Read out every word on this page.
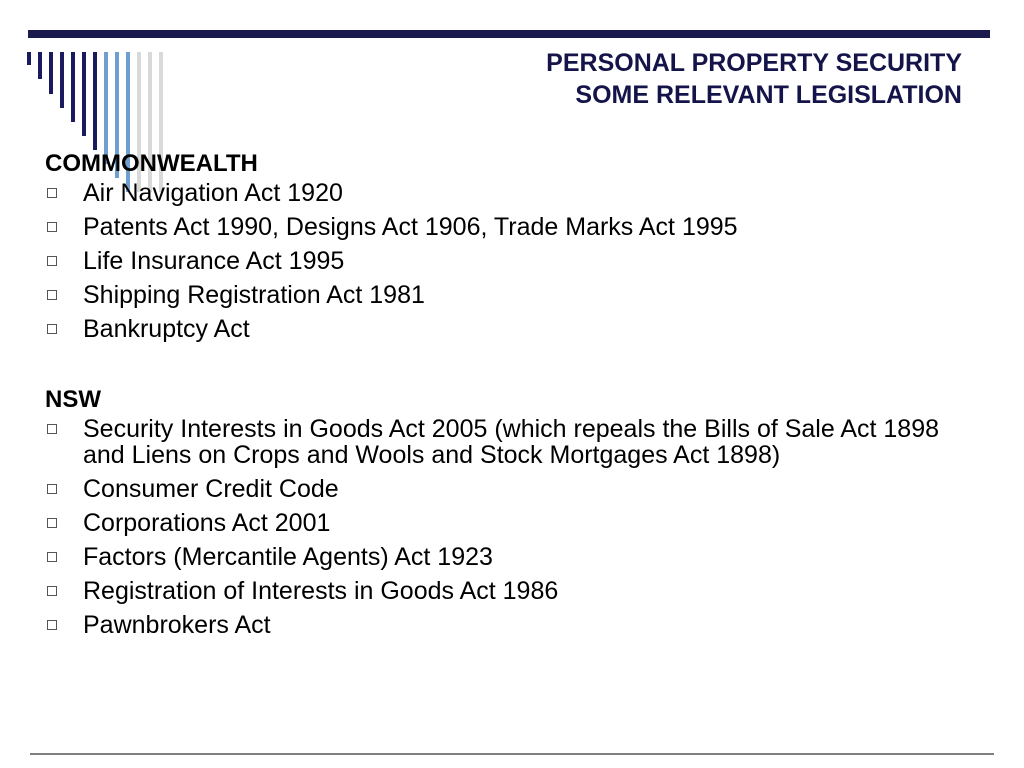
PERSONAL PROPERTY SECURITY
SOME RELEVANT LEGISLATION
COMMONWEALTH
Air Navigation Act 1920
Patents Act 1990, Designs Act 1906, Trade Marks Act 1995
Life Insurance Act 1995
Shipping Registration Act 1981
Bankruptcy Act
NSW
Security Interests in Goods Act 2005 (which repeals the Bills of Sale Act 1898 and Liens on Crops and Wools and Stock Mortgages Act 1898)
Consumer Credit Code
Corporations Act 2001
Factors (Mercantile Agents) Act 1923
Registration of Interests in Goods Act 1986
Pawnbrokers Act
